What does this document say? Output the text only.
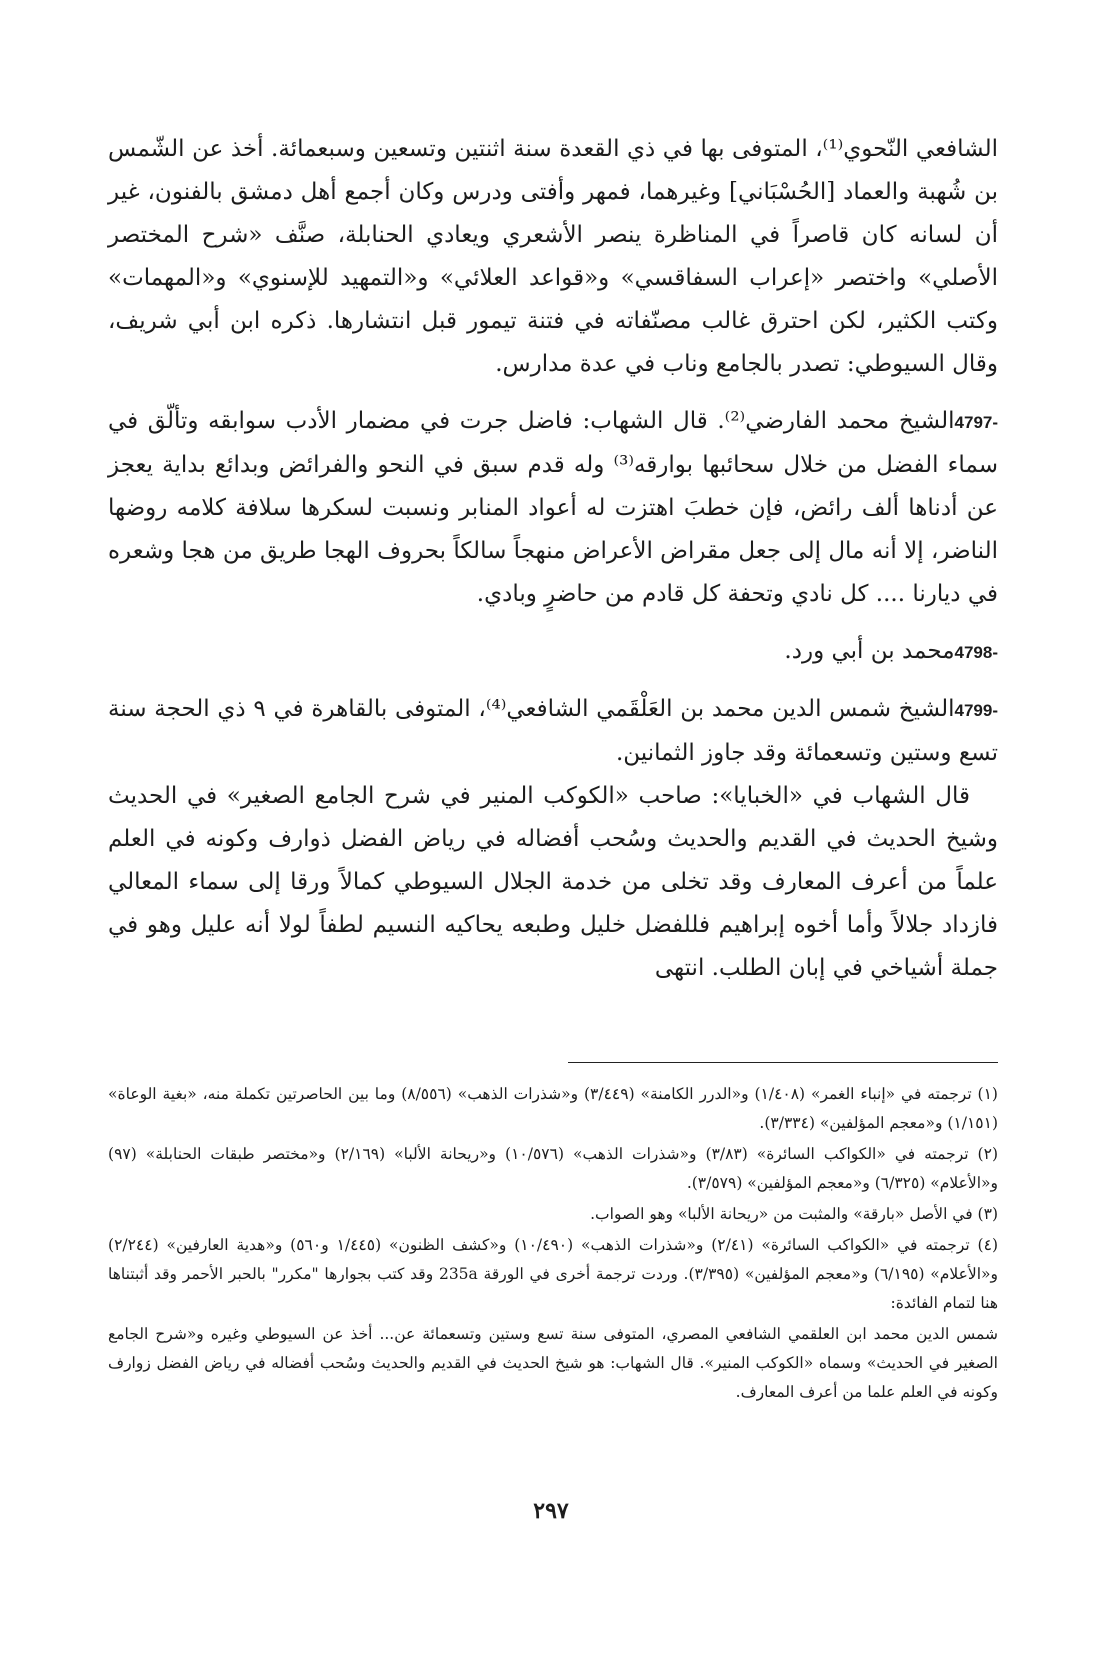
الشافعي النّحوي⁽¹⁾، المتوفى بها في ذي القعدة سنة اثنتين وتسعين وسبعمائة. أخذ عن الشّمس بن شُهبة والعماد [الحُسْبَاني] وغيرهما، فمهر وأفتى ودرس وكان أجمع أهل دمشق بالفنون، غير أن لسانه كان قاصراً في المناظرة ينصر الأشعري ويعادي الحنابلة، صنَّف «شرح المختصر الأصلي» واختصر «إعراب السفاقسي» و«قواعد العلائي» و«التمهيد للإسنوي» و«المهمات» وكتب الكثير، لكن احترق غالب مصنّفاته في فتنة تيمور قبل انتشارها. ذكره ابن أبي شريف، وقال السيوطي: تصدر بالجامع وناب في عدة مدارس.

4797-الشيخ محمد الفارضي⁽²⁾. قال الشهاب: فاضل جرت في مضمار الأدب سوابقه وتألّق في سماء الفضل من خلال سحائبها بوارقه⁽³⁾ وله قدم سبق في النحو والفرائض وبدائع بداية يعجز عن أدناها ألف رائض، فإن خطبَ اهتزت له أعواد المنابر ونسبت لسكرها سلافة كلامه روضها الناضر، إلا أنه مال إلى جعل مقراض الأعراض منهجاً سالكاً بحروف الهجا طريق من هجا وشعره في ديارنا .... كل نادي وتحفة كل قادم من حاضرٍ وبادي.

4798-محمد بن أبي ورد.

4799-الشيخ شمس الدين محمد بن العَلْقَمي الشافعي⁽⁴⁾، المتوفى بالقاهرة في ٩ ذي الحجة سنة تسع وستين وتسعمائة وقد جاوز الثمانين.

قال الشهاب في «الخبايا»: صاحب «الكوكب المنير في شرح الجامع الصغير» في الحديث وشيخ الحديث في القديم والحديث وسُحب أفضاله في رياض الفضل ذوارف وكونه في العلم علماً من أعرف المعارف وقد تخلى من خدمة الجلال السيوطي كمالاً ورقا إلى سماء المعالي فازداد جلالاً وأما أخوه إبراهيم فللفضل خليل وطبعه يحاكيه النسيم لطفاً لولا أنه عليل وهو في جملة أشياخي في إبان الطلب. انتهى

(١) ترجمته في «إنباء الغمر» (١/٤٠٨) و«الدرر الكامنة» (٣/٤٤٩) و«شذرات الذهب» (٨/٥٥٦) وما بين الحاصرتين تكملة منه، «بغية الوعاة» (١/١٥١) و«معجم المؤلفين» (٣/٣٣٤).

(٢) ترجمته في «الكواكب السائرة» (٣/٨٣) و«شذرات الذهب» (١٠/٥٧٦) و«ريحانة الألبا» (٢/١٦٩) و«مختصر طبقات الحنابلة» (٩٧) و«الأعلام» (٦/٣٢٥) و«معجم المؤلفين» (٣/٥٧٩).

(٣) في الأصل «بارقة» والمثبت من «ريحانة الألبا» وهو الصواب.

(٤) ترجمته في «الكواكب السائرة» (٢/٤١) و«شذرات الذهب» (١٠/٤٩٠) و«كشف الظنون» (١/٤٤٥ و٥٦٠) و«هدية العارفين» (٢/٢٤٤) و«الأعلام» (٦/١٩٥) و«معجم المؤلفين» (٣/٣٩٥). وردت ترجمة أخرى في الورقة 235a وقد كتب بجوارها "مكرر" بالحبر الأحمر وقد أثبتناها هنا لتمام الفائدة:

شمس الدين محمد ابن العلقمي الشافعي المصري، المتوفى سنة تسع وستين وتسعمائة عن... أخذ عن السيوطي وغيره و«شرح الجامع الصغير في الحديث» وسماه «الكوكب المنير». قال الشهاب: هو شيخ الحديث في القديم والحديث وسُحب أفضاله في رياض الفضل زوارف وكونه في العلم علما من أعرف المعارف.

٢٩٧
